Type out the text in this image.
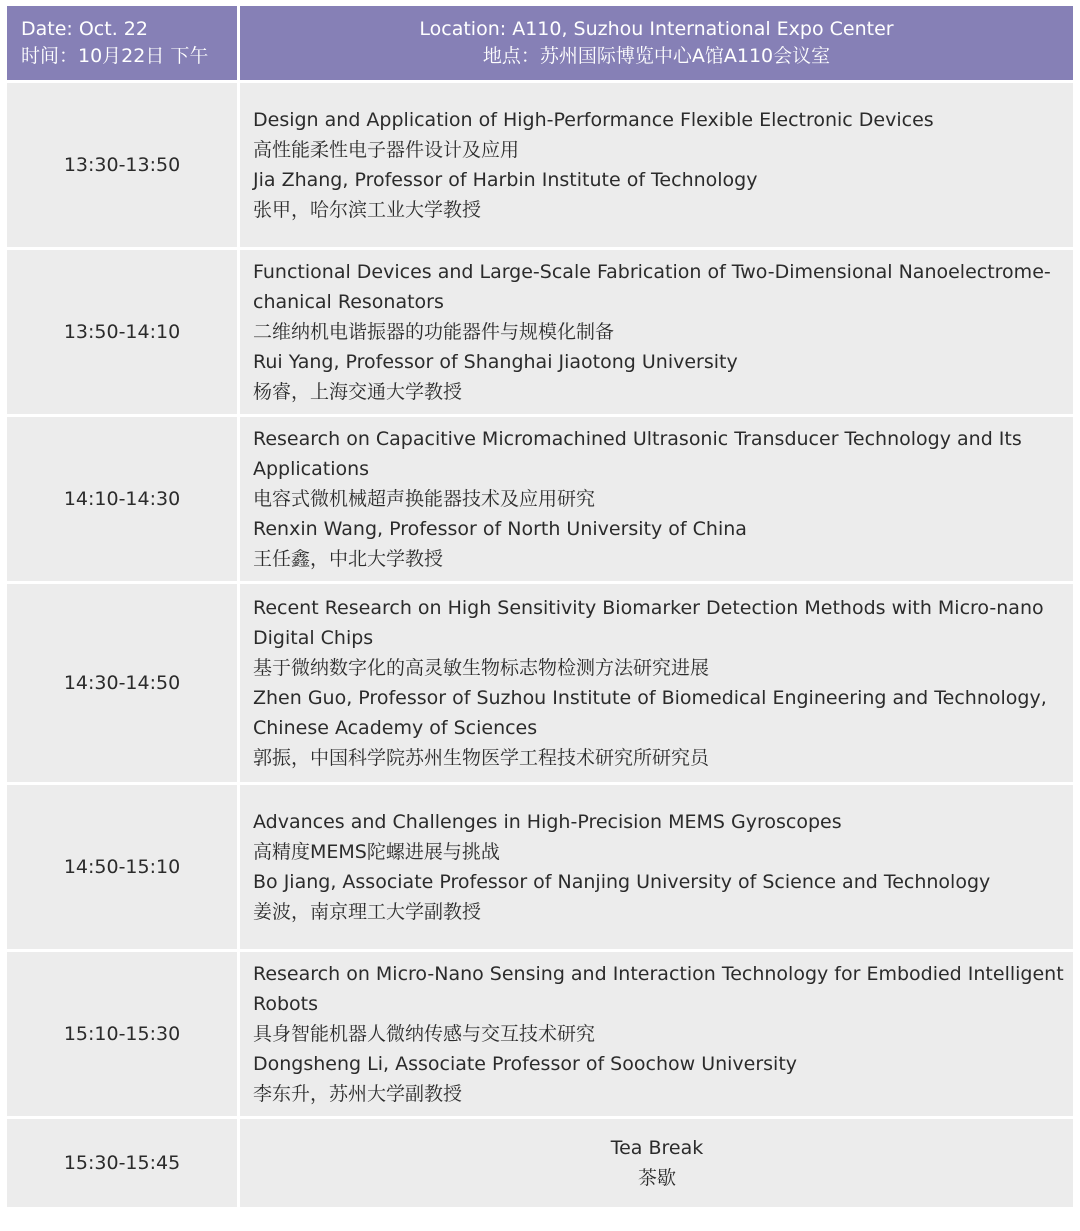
Date: Oct. 22
时间：10月22日 下午
Location: A110, Suzhou International Expo Center
地点：苏州国际博览中心A馆A110会议室
13:30-13:50
Design and Application of High-Performance Flexible Electronic Devices
高性能柔性电子器件设计及应用
Jia Zhang, Professor of Harbin Institute of Technology
张甲，哈尔滨工业大学教授
13:50-14:10
Functional Devices and Large-Scale Fabrication of Two-Dimensional Nanoelectrome-
chanical Resonators
二维纳机电谐振器的功能器件与规模化制备
Rui Yang, Professor of Shanghai Jiaotong University
杨睿，上海交通大学教授
14:10-14:30
Research on Capacitive Micromachined Ultrasonic Transducer Technology and Its
Applications
电容式微机械超声换能器技术及应用研究
Renxin Wang, Professor of North University of China
王任鑫，中北大学教授
14:30-14:50
Recent Research on High Sensitivity Biomarker Detection Methods with Micro-nano
Digital Chips
基于微纳数字化的高灵敏生物标志物检测方法研究进展
Zhen Guo, Professor of Suzhou Institute of Biomedical Engineering and Technology,
Chinese Academy of Sciences
郭振，中国科学院苏州生物医学工程技术研究所研究员
14:50-15:10
Advances and Challenges in High-Precision MEMS Gyroscopes
高精度MEMS陀螺进展与挑战
Bo Jiang, Associate Professor of Nanjing University of Science and Technology
姜波，南京理工大学副教授
15:10-15:30
Research on Micro-Nano Sensing and Interaction Technology for Embodied Intelligent
Robots
具身智能机器人微纳传感与交互技术研究
Dongsheng Li, Associate Professor of Soochow University
李东升，苏州大学副教授
15:30-15:45
Tea Break
茶歇
